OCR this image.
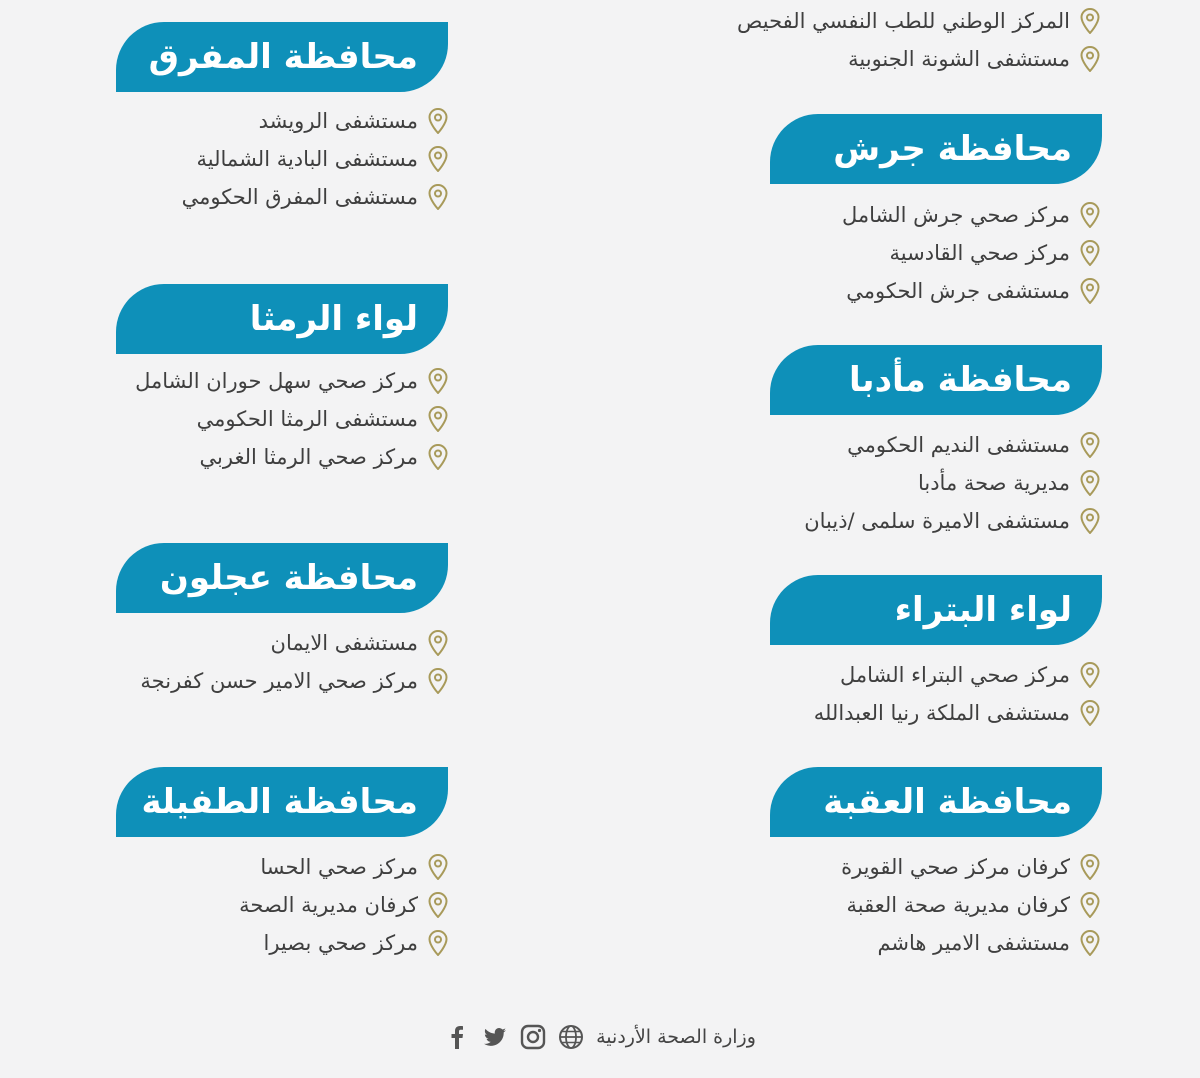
المركز الوطني للطب النفسي الفحيص
مستشفى الشونة الجنوبية
محافظة جرش
مركز صحي جرش الشامل
مركز صحي القادسية
مستشفى جرش الحكومي
محافظة مأدبا
مستشفى النديم الحكومي
مديرية صحة مأدبا
مستشفى الاميرة سلمى /ذيبان
لواء البتراء
مركز صحي البتراء الشامل
مستشفى الملكة رنيا العبدالله
محافظة العقبة
كرفان مركز صحي القويرة
كرفان مديرية صحة العقبة
مستشفى الامير هاشم
محافظة المفرق
مستشفى الرويشد
مستشفى البادية الشمالية
مستشفى المفرق الحكومي
لواء الرمثا
مركز صحي سهل حوران الشامل
مستشفى الرمثا الحكومي
مركز صحي الرمثا الغربي
محافظة عجلون
مستشفى الايمان
مركز صحي الامير حسن كفرنجة
محافظة الطفيلة
مركز صحي الحسا
كرفان مديرية الصحة
مركز صحي بصيرا
وزارة الصحة الأردنية
